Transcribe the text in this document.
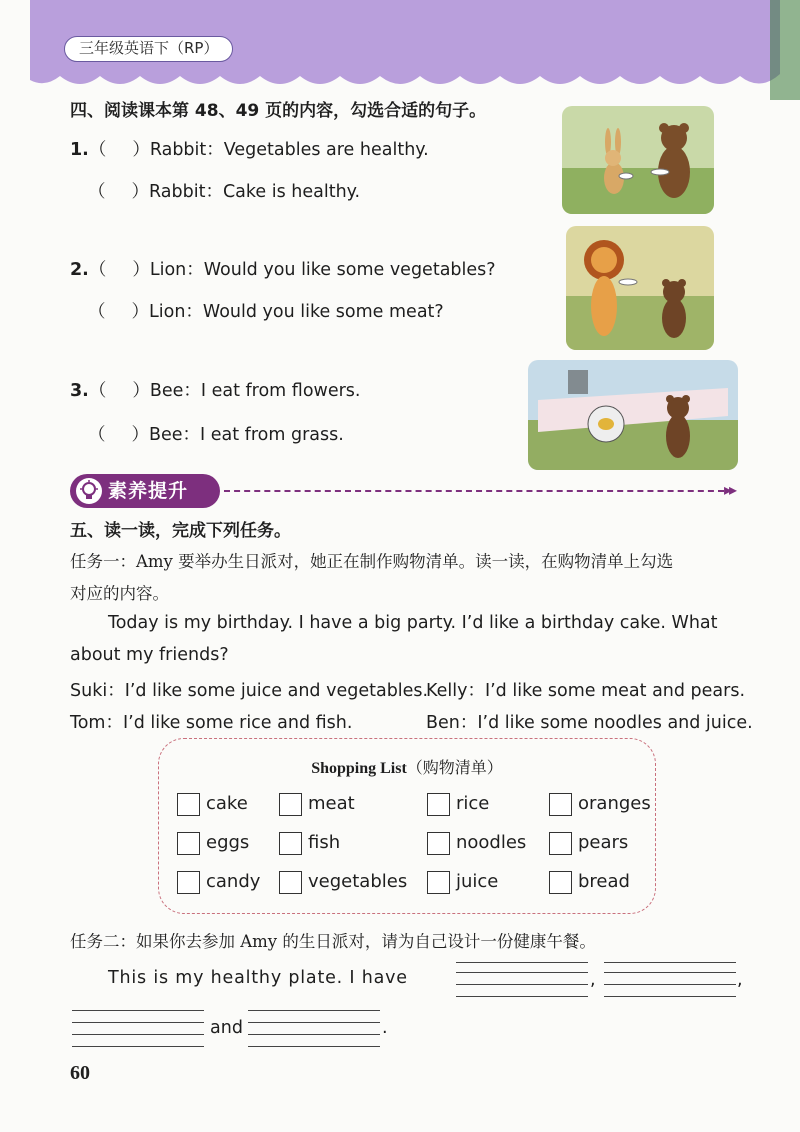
三年级英语下（RP）
四、阅读课本第 48、49 页的内容，勾选合适的句子。
1.（ ）Rabbit：Vegetables are healthy.
（ ）Rabbit：Cake is healthy.
2.（ ）Lion：Would you like some vegetables?
（ ）Lion：Would you like some meat?
3.（ ）Bee：I eat from flowers.
（ ）Bee：I eat from grass.
素养提升	▸▸
五、读一读，完成下列任务。
任务一：Amy 要举办生日派对，她正在制作购物清单。读一读，在购物清单上勾选
对应的内容。
Today is my birthday. I have a big party. I’d like a birthday cake. What
about my friends?
Suki：I’d like some juice and vegetables.
Kelly：I’d like some meat and pears.
Tom：I’d like some rice and fish.	Ben：I’d like some noodles and juice.
Shopping List（购物清单）
cake	meat	rice	oranges
eggs	fish	noodles	pears
candy	vegetables	juice	bread
任务二：如果你去参加 Amy 的生日派对，请为自己设计一份健康午餐。
This is my healthy plate. I have	,	,
and	.
60
